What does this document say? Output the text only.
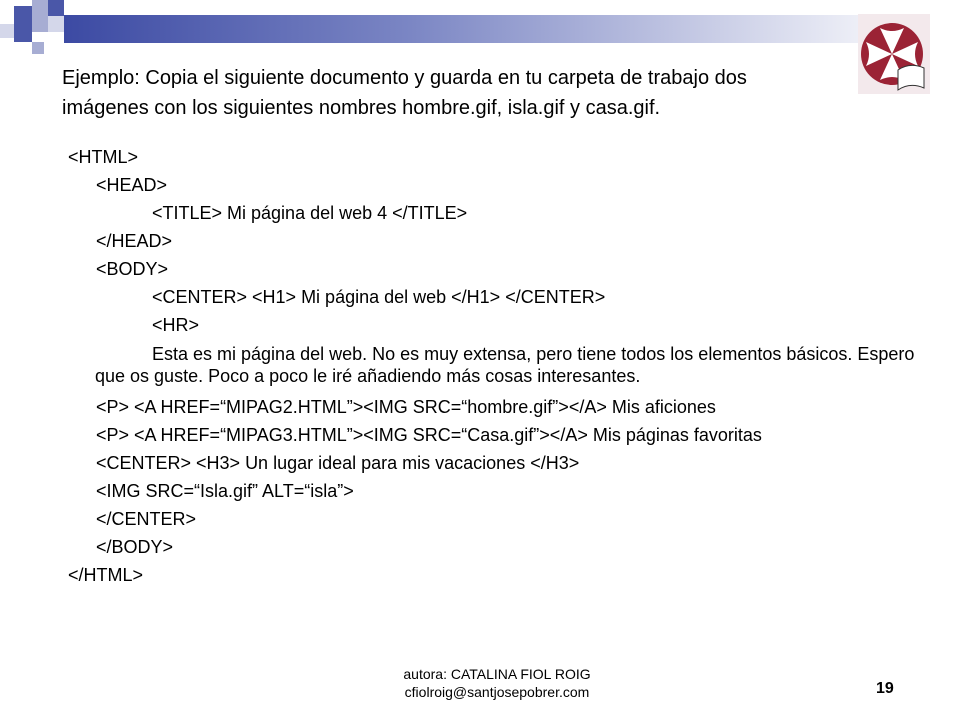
Ejemplo: Copia el siguiente documento y guarda en tu carpeta de trabajo dos
imágenes con los siguientes nombres hombre.gif, isla.gif y casa.gif.
<HTML>
<HEAD>
<TITLE> Mi página del web 4 </TITLE>
</HEAD>
<BODY>
<CENTER> <H1> Mi página del web </H1> </CENTER>
<HR>
Esta es mi página del web. No es muy extensa, pero tiene todos los elementos básicos. Espero que os guste. Poco a poco le iré añadiendo más cosas interesantes.
<P> <A HREF=“MIPAG2.HTML”><IMG SRC=“hombre.gif”></A> Mis aficiones
<P> <A HREF=“MIPAG3.HTML”><IMG SRC=“Casa.gif”></A> Mis páginas favoritas
<CENTER> <H3> Un lugar ideal para mis vacaciones </H3>
<IMG SRC=“Isla.gif” ALT=“isla”>
</CENTER>
</BODY>
</HTML>
autora: CATALINA FIOL ROIG
cfiolroig@santjosepobrer.com	19
